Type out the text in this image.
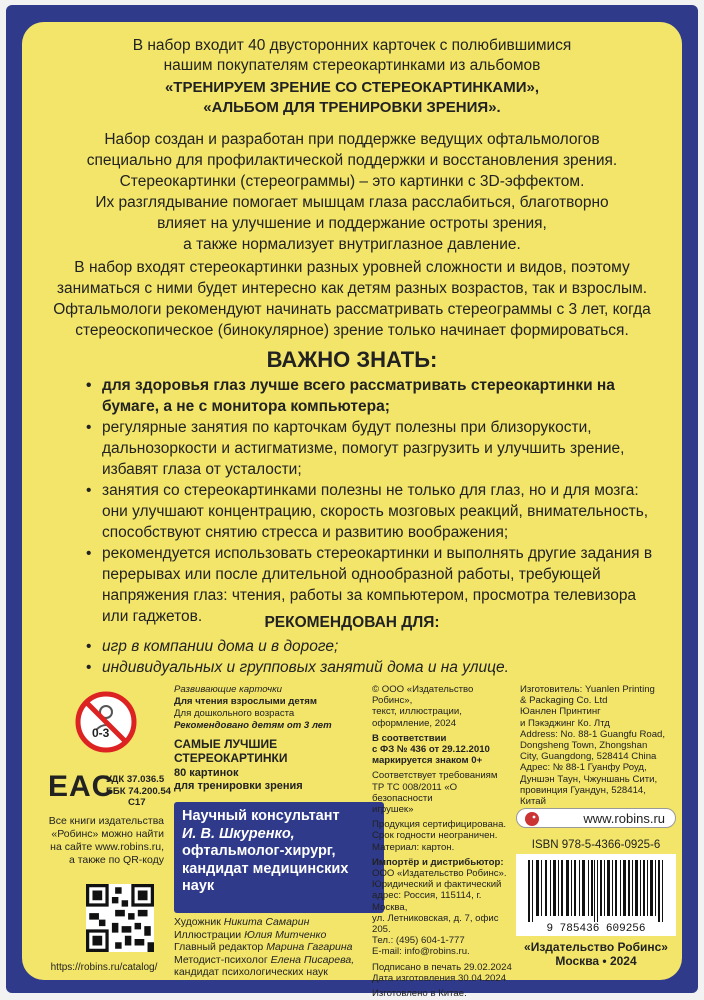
В набор входит 40 двусторонних карточек с полюбившимися
нашим покупателям стереокартинками из альбомов
«ТРЕНИРУЕМ ЗРЕНИЕ СО СТЕРЕОКАРТИНКАМИ»,
«АЛЬБОМ ДЛЯ ТРЕНИРОВКИ ЗРЕНИЯ».
Набор создан и разработан при поддержке ведущих офтальмологов
специально для профилактической поддержки и восстановления зрения.
Стереокартинки (стереограммы) – это картинки с 3D-эффектом.
Их разглядывание помогает мышцам глаза расслабиться, благотворно
влияет на улучшение и поддержание остроты зрения,
а также нормализует внутриглазное давление.
В набор входят стереокартинки разных уровней сложности и видов, поэтому
заниматься с ними будет интересно как детям разных возрастов, так и взрослым.
Офтальмологи рекомендуют начинать рассматривать стереограммы с 3 лет, когда
стереоскопическое (бинокулярное) зрение только начинает формироваться.
ВАЖНО ЗНАТЬ:
• для здоровья глаз лучше всего рассматривать стереокартинки на бумаге, а не с монитора компьютера;
• регулярные занятия по карточкам будут полезны при близорукости, дальнозоркости и астигматизме, помогут разгрузить и улучшить зрение, избавят глаза от усталости;
• занятия со стереокартинками полезны не только для глаз, но и для мозга: они улучшают концентрацию, скорость мозговых реакций, внимательность, способствуют снятию стресса и развитию воображения;
• рекомендуется использовать стереокартинки и выполнять другие задания в перерывах или после длительной однообразной работы, требующей напряжения глаз: чтения, работы за компьютером, просмотра телевизора или гаджетов.	РЕКОМЕНДОВАН ДЛЯ:
• игр в компании дома и в дороге;
• индивидуальных и групповых занятий дома и на улице.
0-3
EAC
УДК 37.036.5
ББК 74.200.54
С17
Все книги издательства
«Робинс» можно найти
на сайте www.robins.ru,
а также по QR-коду
https://robins.ru/catalog/
Развивающие карточки
Для чтения взрослыми детям
Для дошкольного возраста
Рекомендовано детям от 3 лет
САМЫЕ ЛУЧШИЕ
СТЕРЕОКАРТИНКИ
80 картинок
для тренировки зрения
Научный консультант
И. В. Шкуренко,
офтальмолог-хирург,
кандидат медицинских
наук
Художник Никита Самарин
Иллюстрации Юлия Митченко
Главный редактор Марина Гагарина
Методист-психолог Елена Писарева,
кандидат психологических наук
© ООО «Издательство Робинс»,
текст, иллюстрации,
оформление, 2024
В соответствии
с ФЗ № 436 от 29.12.2010
маркируется знаком 0+
Соответствует требованиям
ТР ТС 008/2011 «О безопасности
игрушек»
Продукция сертифицирована.
Срок годности неограничен.
Материал: картон.
Импортёр и дистрибьютор:
ООО «Издательство Робинс».
Юридический и фактический
адрес: Россия, 115114, г. Москва,
ул. Летниковская, д. 7, офис 205.
Тел.: (495) 604-1-777
E-mail: info@robins.ru.
Подписано в печать 29.02.2024
Дата изготовления 30.04.2024
Изготовлено в Китае.
Изготовитель: Yuanlen Printing
& Packaging Co. Ltd
Юанлен Принтинг
и Пэкэджинг Ко. Лтд
Address: No. 88-1 Guangfu Road,
Dongsheng Town, Zhongshan
City, Guangdong, 528414 China
Адрес: № 88-1 Гуанфу Роуд,
Дуншэн Таун, Чжуншань Сити,
провинция Гуандун, 528414,
Китай
www.robins.ru
ISBN 978-5-4366-0925-6
9 785436 609256
«Издательство Робинс»
Москва • 2024
